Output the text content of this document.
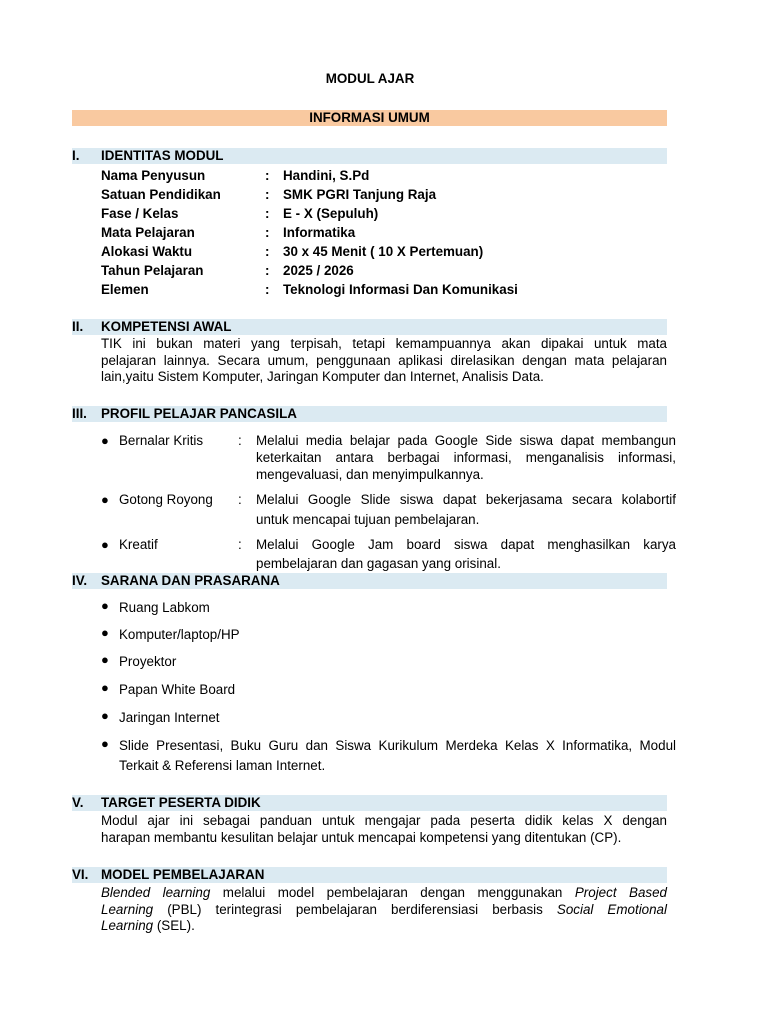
MODUL AJAR
INFORMASI UMUM
I. IDENTITAS MODUL
Nama Penyusun	: Handini, S.Pd
Satuan Pendidikan	: SMK PGRI Tanjung Raja
Fase / Kelas	: E - X (Sepuluh)
Mata Pelajaran	: Informatika
Alokasi Waktu	: 30 x 45 Menit ( 10 X Pertemuan)
Tahun Pelajaran	: 2025 / 2026
Elemen	: Teknologi Informasi Dan Komunikasi
II. KOMPETENSI AWAL
TIK ini bukan materi yang terpisah, tetapi kemampuannya akan dipakai untuk mata
pelajaran lainnya. Secara umum, penggunaan aplikasi direlasikan dengan mata pelajaran
lain,yaitu Sistem Komputer, Jaringan Komputer dan Internet, Analisis Data.
III. PROFIL PELAJAR PANCASILA
● Bernalar Kritis	: Melalui media belajar pada Google Side siswa dapat membangun
keterkaitan antara berbagai informasi, menganalisis informasi,
mengevaluasi, dan menyimpulkannya.
● Gotong Royong : Melalui Google Slide siswa dapat bekerjasama secara kolabortif
untuk mencapai tujuan pembelajaran.
● Kreatif	: Melalui Google Jam board siswa dapat menghasilkan karya
pembelajaran dan gagasan yang orisinal.
IV. SARANA DAN PRASARANA
● Ruang Labkom
● Komputer/laptop/HP
● Proyektor
● Papan White Board
● Jaringan Internet
● Slide Presentasi, Buku Guru dan Siswa Kurikulum Merdeka Kelas X Informatika, Modul
Terkait & Referensi laman Internet.
V. TARGET PESERTA DIDIK
Modul ajar ini sebagai panduan untuk mengajar pada peserta didik kelas X dengan
harapan membantu kesulitan belajar untuk mencapai kompetensi yang ditentukan (CP).
VI. MODEL PEMBELAJARAN
Blended learning melalui model pembelajaran dengan menggunakan Project Based
Learning (PBL) terintegrasi pembelajaran berdiferensiasi berbasis Social Emotional
Learning (SEL).
